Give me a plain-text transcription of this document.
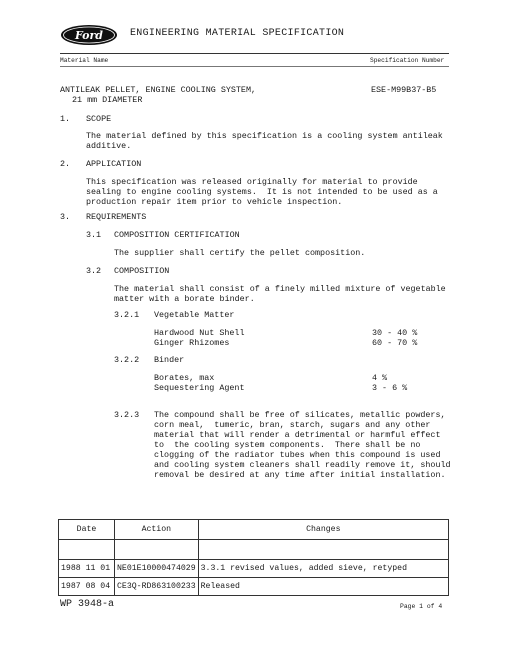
Ford	ENGINEERING MATERIAL SPECIFICATION
Material Name	Specification Number
ANTILEAK PELLET, ENGINE COOLING SYSTEM,
21 mm DIAMETER
ESE-M99B37-B5
1. SCOPE
The material defined by this specification is a cooling system antileak
additive.
2. APPLICATION
This specification was released originally for material to provide
sealing to engine cooling systems.  It is not intended to be used as a
production repair item prior to vehicle inspection.
3. REQUIREMENTS
3.1 COMPOSITION CERTIFICATION
The supplier shall certify the pellet composition.
3.2 COMPOSITION
The material shall consist of a finely milled mixture of vegetable
matter with a borate binder.
3.2.1 Vegetable Matter
Hardwood Nut Shell	30 - 40 %
Ginger Rhizomes	60 - 70 %
3.2.2 Binder
Borates, max	4 %
Sequestering Agent	3 - 6 %
3.2.3 The compound shall be free of silicates, metallic powders,
corn meal,  tumeric, bran, starch, sugars and any other
material that will render a detrimental or harmful effect
to  the cooling system components.  There shall be no
clogging of the radiator tubes when this compound is used
and cooling system cleaners shall readily remove it, should
removal be desired at any time after initial installation.
Date	Action	Changes

1988 11 01	NE01E10000474029	3.3.1 revised values, added sieve, retyped
1987 08 04	CE3Q-RD863100233	Released
WP 3948-a	Page 1 of 4
